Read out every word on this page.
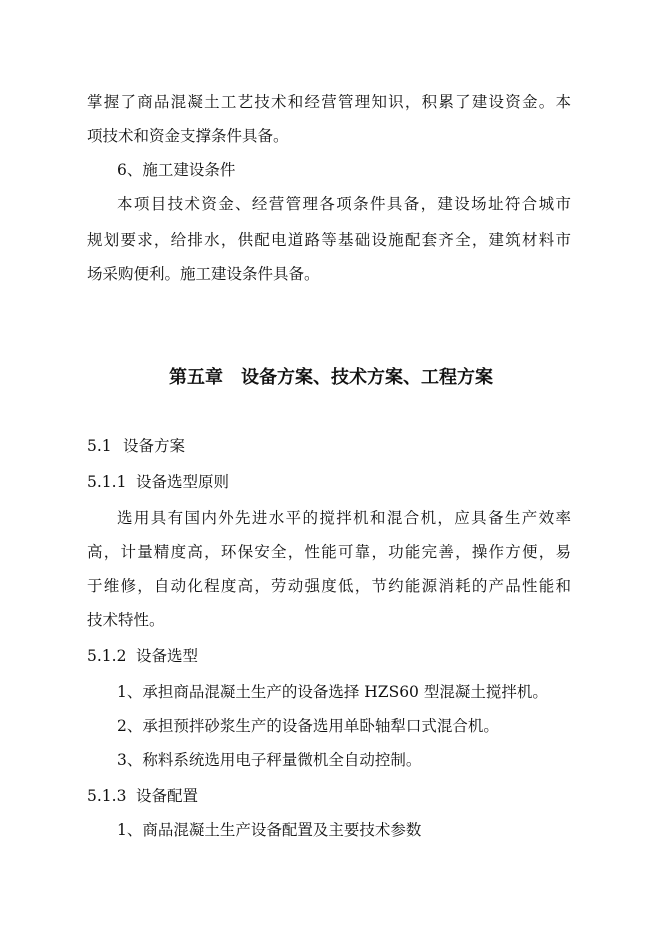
掌握了商品混凝土工艺技术和经营管理知识，积累了建设资金。本

项技术和资金支撑条件具备。

6、施工建设条件

本项目技术资金、经营管理各项条件具备，建设场址符合城市

规划要求，给排水，供配电道路等基础设施配套齐全，建筑材料市

场采购便利。施工建设条件具备。

第五章　设备方案、技术方案、工程方案

5.1 设备方案

5.1.1 设备选型原则

选用具有国内外先进水平的搅拌机和混合机，应具备生产效率

高，计量精度高，环保安全，性能可靠，功能完善，操作方便，易

于维修，自动化程度高，劳动强度低，节约能源消耗的产品性能和

技术特性。

5.1.2 设备选型

1、承担商品混凝土生产的设备选择 HZS60 型混凝土搅拌机。

2、承担预拌砂浆生产的设备选用单卧轴犁口式混合机。

3、称料系统选用电子秤量微机全自动控制。

5.1.3 设备配置

1、商品混凝土生产设备配置及主要技术参数
